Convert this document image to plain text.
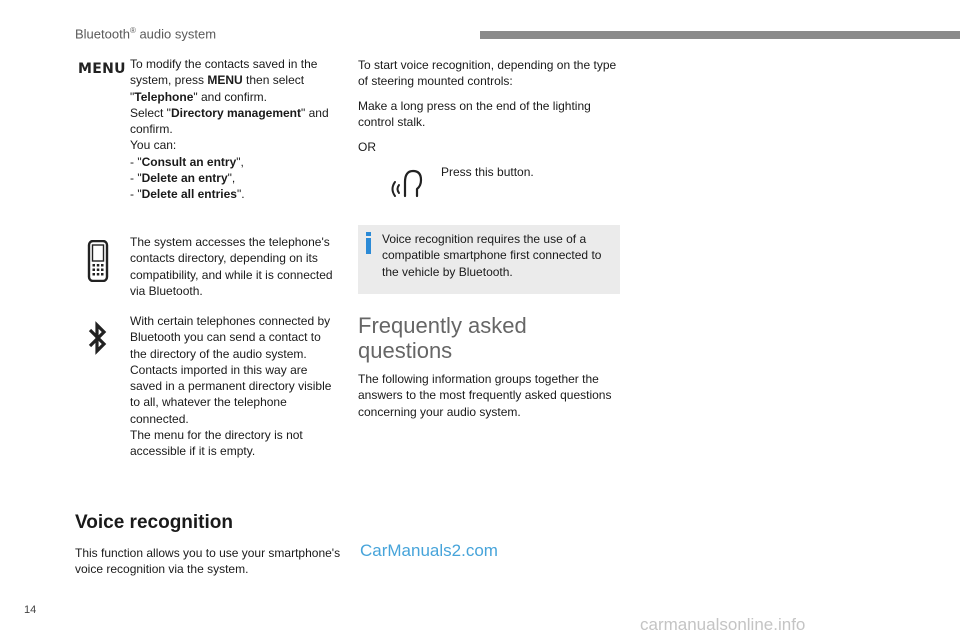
Bluetooth® audio system
MENU To modify the contacts saved in the system, press MENU then select "Telephone" and confirm.

Select "Directory management" and confirm.

You can:

- "Consult an entry",

- "Delete an entry",

- "Delete all entries".

The system accesses the telephone's contacts directory, depending on its compatibility, and while it is connected via Bluetooth.

With certain telephones connected by Bluetooth you can send a contact to the directory of the audio system. Contacts imported in this way are saved in a permanent directory visible to all, whatever the telephone connected.

The menu for the directory is not accessible if it is empty.

Voice recognition

This function allows you to use your smartphone's voice recognition via the system.

CarManuals2.com

To start voice recognition, depending on the type of steering mounted controls:

Make a long press on the end of the lighting control stalk.

OR
Press this button.

Voice recognition requires the use of a compatible smartphone first connected to the vehicle by Bluetooth.

Frequently asked
questions

The following information groups together the answers to the most frequently asked questions concerning your audio system.

14
carmanualsonline.info
